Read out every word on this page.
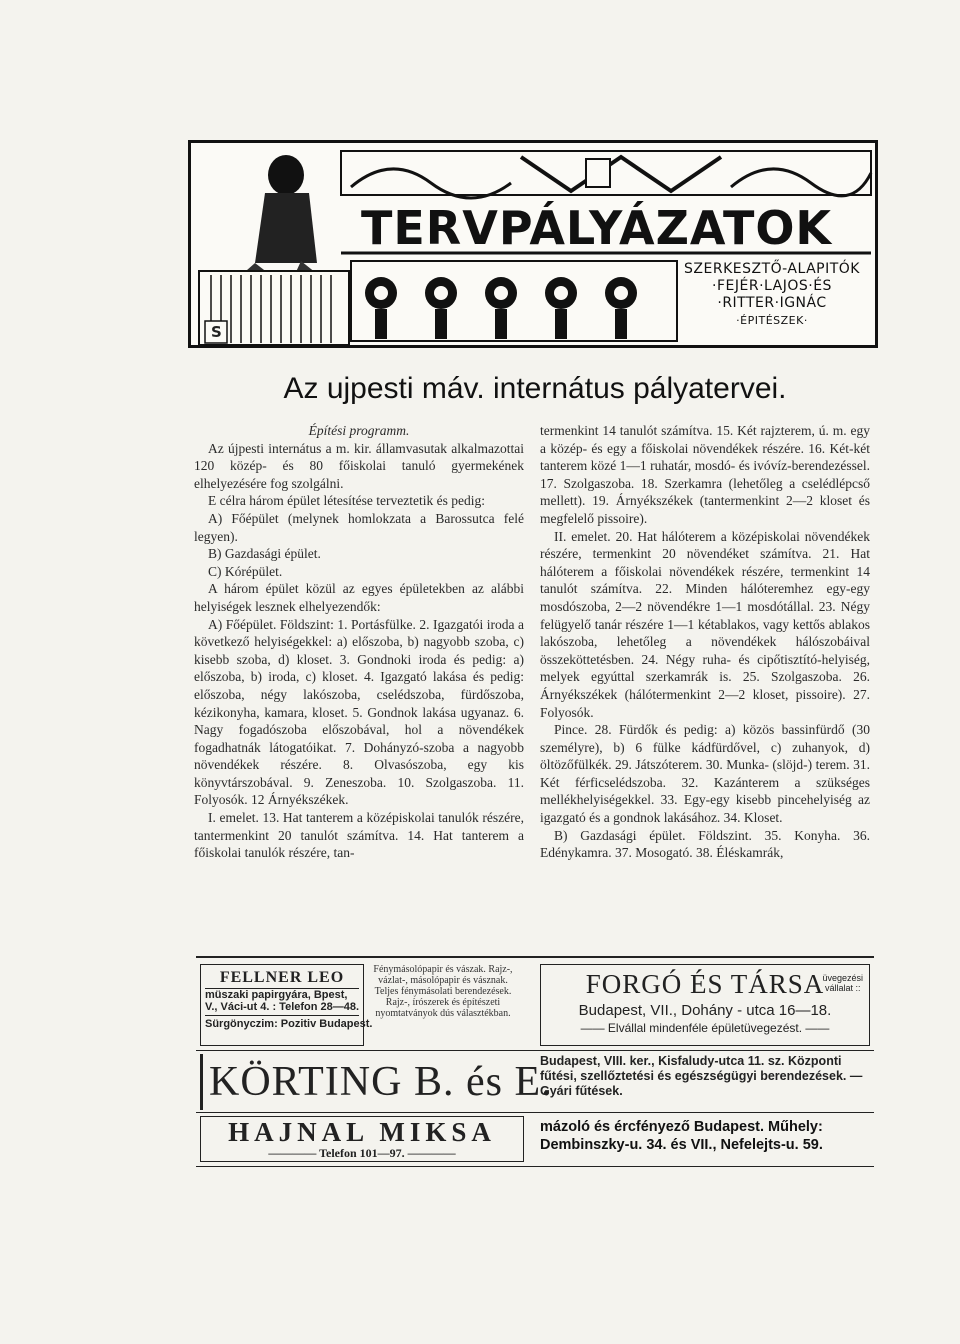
S
TERVPÁLYÁZATOK
SZERKESZTŐ-ALAPITÓK
·FEJÉR·LAJOS·ÉS
·RITTER·IGNÁC
·ÉPITÉSZEK·
Az ujpesti máv. internátus pályatervei.

Építési programm.

Az újpesti internátus a m. kir. államvasutak alkalmazottai 120 közép- és 80 főiskolai tanuló gyermekének elhelyezésére fog szolgálni.

E célra három épület létesítése terveztetik és pedig:

A) Főépület (melynek homlokzata a Barossutca felé legyen).

B) Gazdasági épület.

C) Kórépület.

A három épület közül az egyes épületekben az alábbi helyiségek lesznek elhelyezendők:

A) Főépület. Földszint: 1. Portásfülke. 2. Igazgatói iroda a következő helyiségekkel: a) előszoba, b) nagyobb szoba, c) kisebb szoba, d) kloset. 3. Gondnoki iroda és pedig: a) előszoba, b) iroda, c) kloset. 4. Igazgató lakása és pedig: előszoba, négy lakószoba, cselédszoba, fürdőszoba, kézikonyha, kamara, kloset. 5. Gondnok lakása ugyanaz. 6. Nagy fogadószoba előszobával, hol a növendékek fogadhatnák látogatóikat. 7. Dohányzó-szoba a nagyobb növendékek részére. 8. Olvasószoba, egy kis könyvtárszobával. 9. Zeneszoba. 10. Szolgaszoba. 11. Folyosók. 12 Árnyékszékek.

I. emelet. 13. Hat tanterem a középiskolai tanulók részére, tantermenkint 20 tanulót számítva. 14. Hat tanterem a főiskolai tanulók részére, tan-

termenkint 14 tanulót számítva. 15. Két rajzterem, ú. m. egy a közép- és egy a főiskolai növendékek részére. 16. Két-két tanterem közé 1—1 ruhatár, mosdó- és ivóvíz-berendezéssel. 17. Szolgaszoba. 18. Szerkamra (lehetőleg a cselédlépcső mellett). 19. Árnyékszékek (tantermenkint 2—2 kloset és megfelelő pissoire).

II. emelet. 20. Hat hálóterem a középiskolai növendékek részére, termenkint 20 növendéket számítva. 21. Hat hálóterem a főiskolai növendékek részére, termenkint 14 tanulót számítva. 22. Minden hálóteremhez egy-egy mosdószoba, 2—2 növendékre 1—1 mosdótállal. 23. Négy felügyelő tanár részére 1—1 kétablakos, vagy kettős ablakos lakószoba, lehetőleg a növendékek hálószobáival összeköttetésben. 24. Négy ruha- és cipőtisztító-helyiség, melyek egyúttal szerkamrák is. 25. Szolgaszoba. 26. Árnyékszékek (hálótermenkint 2—2 kloset, pissoire). 27. Folyosók.

Pince. 28. Fürdők és pedig: a) közös bassinfürdő (30 személyre), b) 6 fülke kádfürdővel, c) zuhanyok, d) öltözőfülkék. 29. Játszóterem. 30. Munka- (slöjd-) terem. 31. Két férficselédszoba. 32. Kazánterem a szükséges mellékhelyiségekkel. 33. Egy-egy kisebb pincehelyiség az igazgató és a gondnok lakásához. 34. Kloset.

B) Gazdasági épület. Földszint. 35. Konyha. 36. Edénykamra. 37. Mosogató. 38. Éléskamrák,

FELLNER LEO
müszaki papirgyára, Bpest,
V., Váci-ut 4. : Telefon 28—48.
Sürgönyczim: Pozitiv Budapest.
Fénymásolópapir és vászak. Rajz-, vázlat-, másolópapir és vásznak. Teljes fénymásolati berendezések. Rajz-, írószerek és építészeti nyomtatványok dús választékban.
FORGÓ ÉS TÁRSA
üvegezési
vállalat ::
Budapest, VII., Dohány - utca 16—18.
—— Elvállal mindenféle épületüvegezést. ——
KÖRTING B. és E.
Budapest, VIII. ker., Kisfaludy-utca 11. sz. Központi fűtési, szellőztetési és egészségügyi berendezések. — Gyári fűtések.
HAJNAL MIKSA
———— Telefon 101—97. ————
mázoló és ércfényező Budapest. Műhely: Dembinszky-u. 34. és VII., Nefelejts-u. 59.
